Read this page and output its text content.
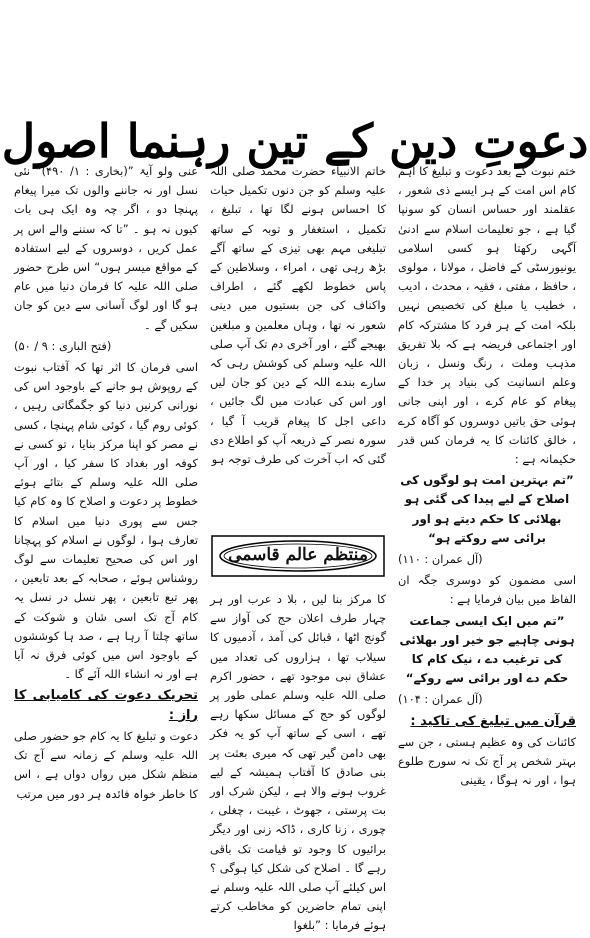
دعوتِ دین کے تین رہنما اصول

ختم نبوت کے بعد دعوت و تبلیغ کا اہم کام اس امت کے ہر ایسے ذی شعور ، عقلمند اور حساس انسان کو سونپا گیا ہے ، جو تعلیمات اسلام سے ادنیٰ آگہی رکھتا ہو کسی اسلامی یونیورسٹی کے فاضل ، مولانا ، مولوی ، حافظ ، مفتی ، فقیہ ، محدث ، ادیب ، خطیب یا مبلغ کی تخصیص نہیں بلکہ امت کے ہر فرد کا مشترکہ کام اور اجتماعی فریضہ ہے کہ بلا تفریق مذہب وملت ، رنگ ونسل ، زبان وعلم انسانیت کی بنیاد پر خدا کے پیغام کو عام کرے ، اور اپنی جانی ہوئی حق باتیں دوسروں کو آگاہ کرے ، خالق کائنات کا یہ فرمان کس قدر حکیمانہ ہے :

”تم بہترین امت ہو لوگوں کی اصلاح کے لیے پیدا کی گئی ہو بھلائی کا حکم دیتے ہو اور برائی سے روکتے ہو“

(آل عمران : ۱۱۰)

اسی مضمون کو دوسری جگہ ان الفاظ میں بیان فرمایا ہے :

”تم میں ایک ایسی جماعت ہونی چاہیے جو خیر اور بھلائی کی ترغیب دے ، نیک کام کا حکم دے اور برائی سے روکے“

(آل عمران : ۱۰۴)

قرآن میں تبلیغ کی تاکید :

کائنات کی وہ عظیم ہستی ، جن سے بہتر شخص پر آج تک نہ سورج طلوع ہوا ، اور نہ ہوگا ، یقینی

خاتم الانبیاء حضرت محمد صلی اللہ علیہ وسلم کو جن دنوں تکمیل حیات کا احساس ہونے لگا تھا ، تبلیغ ، تکمیل ، استغفار و توبہ کے ساتھ تبلیغی مہم بھی تیزی کے ساتھ آگے بڑھ رہی تھی ، امراء ، وسلاطین کے پاس خطوط لکھے گئے ، اطراف واکناف کی جن بستیوں میں دینی شعور نہ تھا ، وہاں معلمین و مبلغین بھیجے گئے ، اور آخری دم تک آپ صلی اللہ علیہ وسلم کی کوشش رہی کہ سارے بندے اللہ کے دین کو جان لیں اور اس کی عبادت میں لگ جائیں ، داعی اجل کا پیغام قریب آ گیا ، سورہ نصر کے ذریعہ آپ کو اطلاع دی گئی کہ اب آخرت کی طرف توجہ ہو

منتظم عالم قاسمی

کا مرکز بنا لیں ، بلا د عرب اور ہر چہار طرف اعلان حج کی آواز سے گونج اٹھا ، قبائل کی آمد ، آدمیوں کا سیلاب تھا ، ہزاروں کی تعداد میں عشاق نبی موجود تھے ، حضور اکرم صلی اللہ علیہ وسلم عملی طور پر لوگوں کو حج کے مسائل سکھا رہے تھے ، اسی کے ساتھ آپ کو یہ فکر بھی دامن گیر تھی کہ میری بعثت پر بنی صادق کا آفتاب ہمیشہ کے لیے غروب ہونے والا ہے ، لیکن شرک اور بت پرستی ، جھوٹ ، غیبت ، چغلی ، چوری ، زنا کاری ، ڈاکہ زنی اور دیگر برائیوں کا وجود تو قیامت تک باقی رہے گا ۔ اصلاح کی شکل کیا ہوگی ؟ اس کیلئے آپ صلی اللہ علیہ وسلم نے اپنی تمام حاضرین کو مخاطب کرتے ہوئے فرمایا : ”بلغوا

عنی ولو آیۃ ”(بخاری : ۱/ ۴۹۰)“ نئی نسل اور نہ جاننے والوں تک میرا پیغام پہنچا دو ، اگر چہ وہ ایک ہی بات کیوں نہ ہو ۔ ”تا کہ سننے والے اس پر عمل کریں ، دوسروں کے لیے استفادہ کے مواقع میسر ہوں“ اس طرح حضور صلی اللہ علیہ کا فرمان دنیا میں عام ہو گا اور لوگ آسانی سے دین کو جان سکیں گے ۔

(فتح الباری : ۹ / ۵۰)

اسی فرمان کا اثر تھا کہ آفتاب نبوت کے روپوش ہو جانے کے باوجود اس کی نورانی کرنیں دنیا کو جگمگاتی رہیں ، کوئی روم گیا ، کوئی شام پہنچا ، کسی نے مصر کو اپنا مرکز بنایا ، تو کسی نے کوفہ اور بغداد کا سفر کیا ، اور آپ صلی اللہ علیہ وسلم کے بتائے ہوئے خطوط پر دعوت و اصلاح کا وہ کام کیا جس سے پوری دنیا میں اسلام کا تعارف ہوا ، لوگوں نے اسلام کو پہچانا اور اس کی صحیح تعلیمات سے لوگ روشناس ہوئے ، صحابہ کے بعد تابعین ، پھر تبع تابعین ، پھر نسل در نسل یہ کام آج تک اسی شان و شوکت کے ساتھ چلتا آ رہا ہے ، صد ہا کوششوں کے باوجود اس میں کوئی فرق نہ آیا ہے اور نہ انشاء اللہ آئے گا ۔

تحریک دعوت کی کامیابی کا راز :

دعوت و تبلیغ کا یہ کام جو حضور صلی اللہ علیہ وسلم کے زمانہ سے آج تک منظم شکل میں رواں دواں ہے ، اس کا خاطر خواہ فائدہ ہر دور میں مرتب
